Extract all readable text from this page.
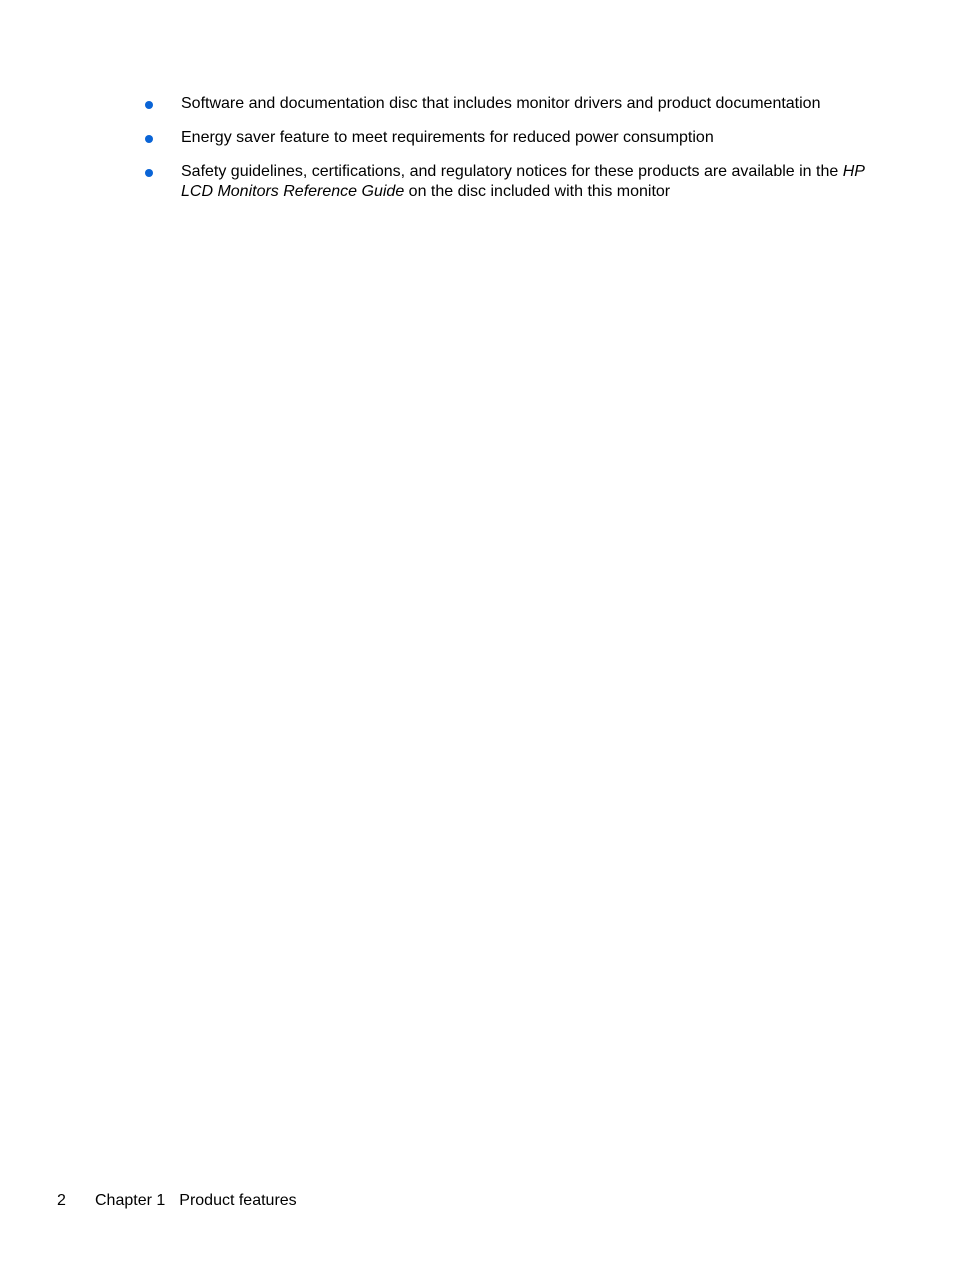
Software and documentation disc that includes monitor drivers and product documentation
Energy saver feature to meet requirements for reduced power consumption
Safety guidelines, certifications, and regulatory notices for these products are available in the HP LCD Monitors Reference Guide on the disc included with this monitor
2 Chapter 1 Product features
